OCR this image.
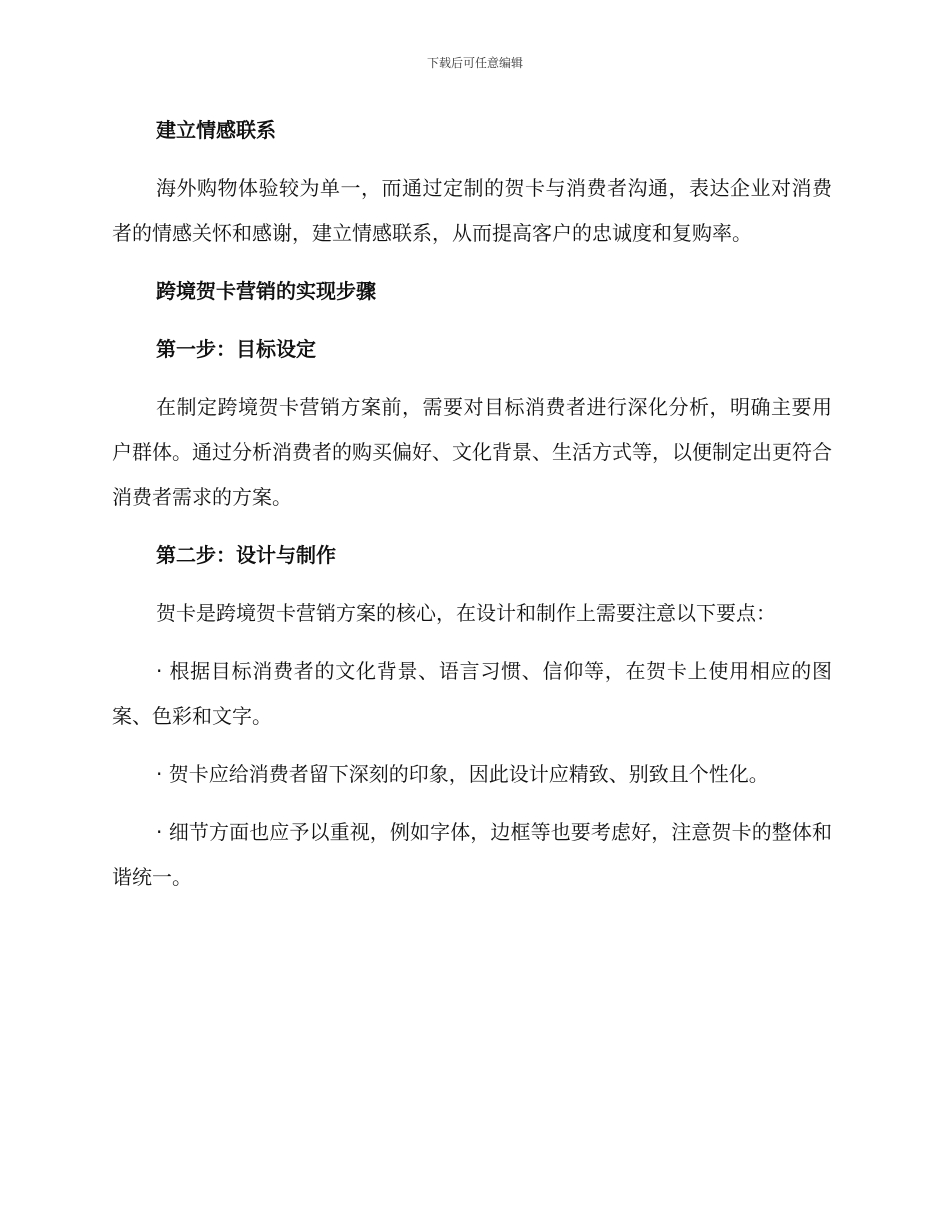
下载后可任意编辑
建立情感联系

海外购物体验较为单一，而通过定制的贺卡与消费者沟通，表达企业对消费者的情感关怀和感谢，建立情感联系，从而提高客户的忠诚度和复购率。

跨境贺卡营销的实现步骤
第一步：目标设定

在制定跨境贺卡营销方案前，需要对目标消费者进行深化分析，明确主要用户群体。通过分析消费者的购买偏好、文化背景、生活方式等，以便制定出更符合消费者需求的方案。

第二步：设计与制作

贺卡是跨境贺卡营销方案的核心，在设计和制作上需要注意以下要点：

· 根据目标消费者的文化背景、语言习惯、信仰等，在贺卡上使用相应的图案、色彩和文字。

· 贺卡应给消费者留下深刻的印象，因此设计应精致、别致且个性化。

· 细节方面也应予以重视，例如字体，边框等也要考虑好，注意贺卡的整体和谐统一。
